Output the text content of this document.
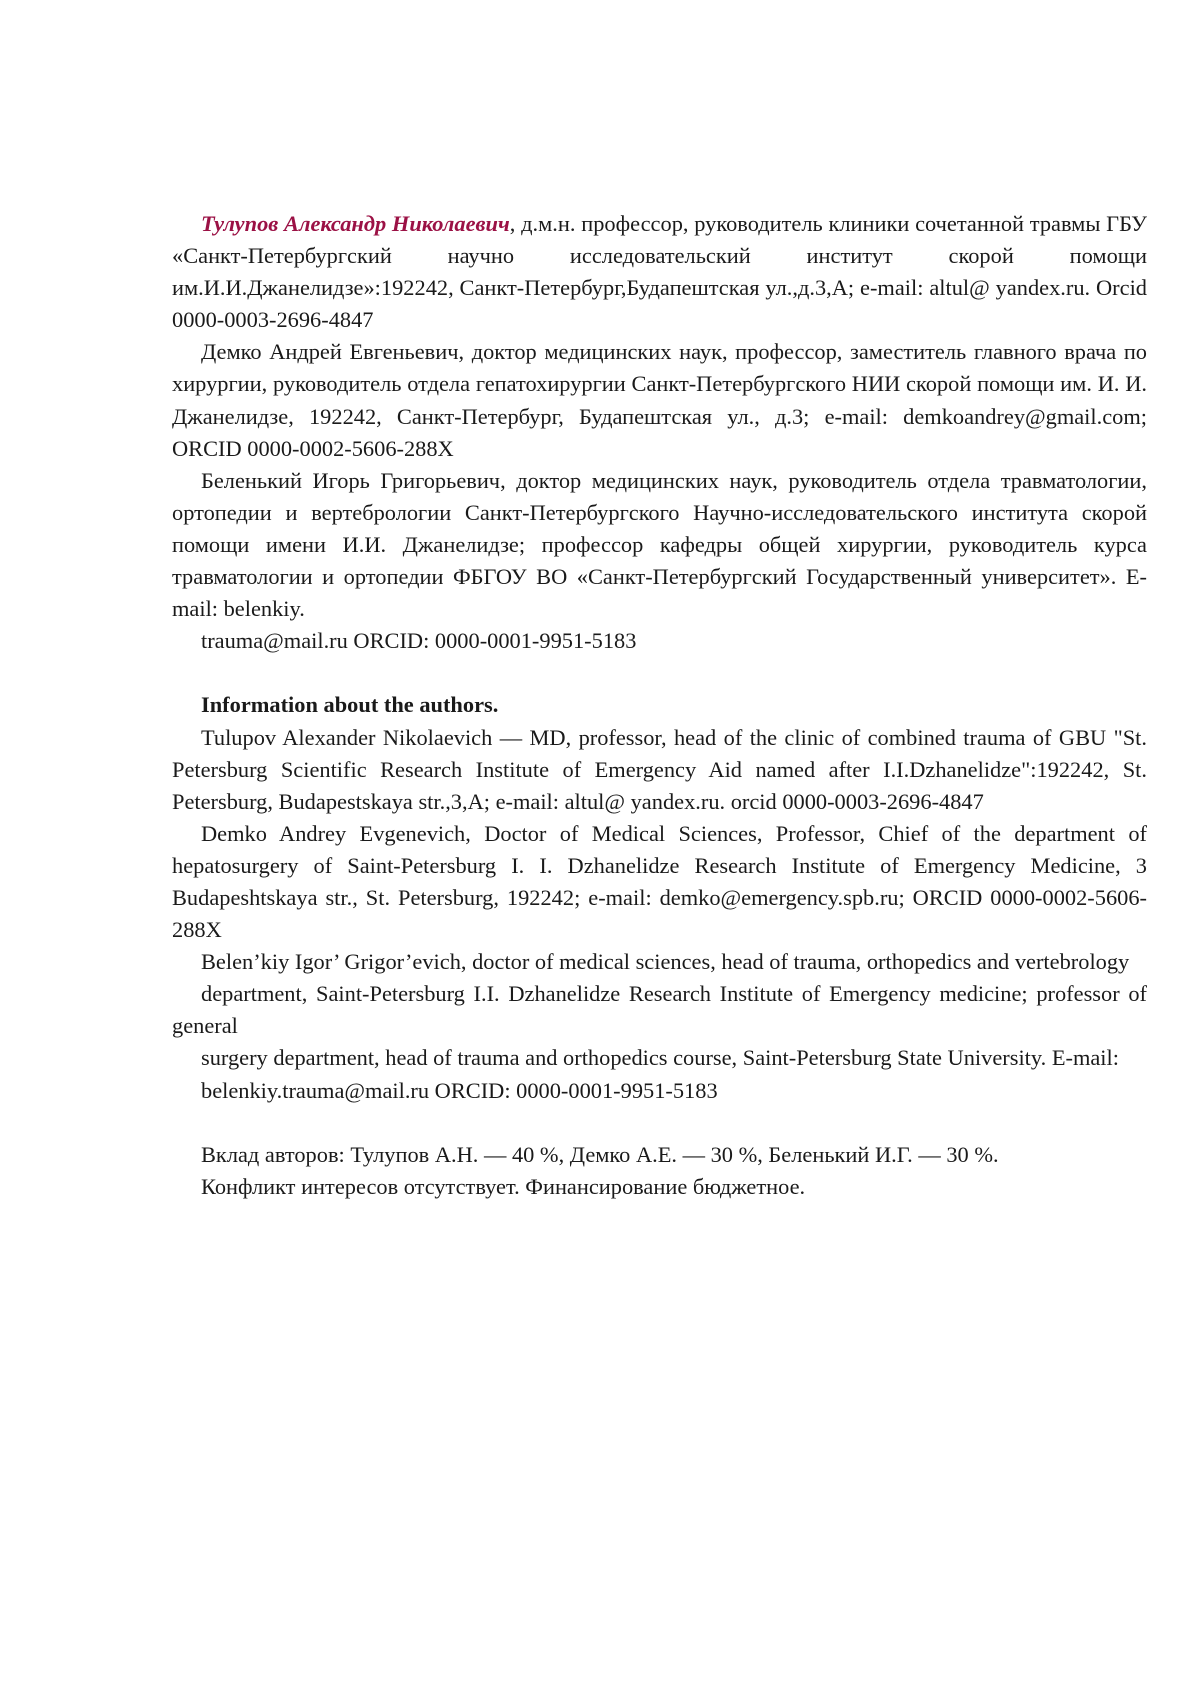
Тулупов Александр Николаевич, д.м.н. профессор, руководитель клиники сочетанной травмы ГБУ «Санкт-Петербургский научно исследовательский институт скорой помощи им.И.И.Джанелидзе»:192242, Санкт-Петербург,Будапештская ул.,д.3,А; e-mail: altul@ yandex.ru. Orcid 0000-0003-2696-4847

Демко Андрей Евгеньевич, доктор медицинских наук, профессор, заместитель главного врача по хирургии, руководитель отдела гепатохирургии Санкт-Петербургского НИИ скорой помощи им. И. И. Джанелидзе, 192242, Санкт-Петербург, Будапештская ул., д.3; e-mail: demkoandrey@gmail.com; ORCID 0000-0002-5606-288X

Беленький Игорь Григорьевич, доктор медицинских наук, руководитель отдела травматологии, ортопедии и вертебрологии Санкт-Петербургского Научно-исследовательского института скорой помощи имени И.И. Джанелидзе; профессор кафедры общей хирургии, руководитель курса травматологии и ортопедии ФБГОУ ВО «Санкт-Петербургский Государственный университет». E-mail: belenkiy.

trauma@mail.ru ORCID: 0000-0001-9951-5183

Information about the authors.

Tulupov Alexander Nikolaevich — MD, professor, head of the clinic of combined trauma of GBU "St. Petersburg Scientific Research Institute of Emergency Aid named after I.I.Dzhanelidze":192242, St. Petersburg, Budapestskaya str.,3,A; e-mail: altul@ yandex.ru. orcid 0000-0003-2696-4847

Demko Andrey Evgenevich, Doctor of Medical Sciences, Professor, Chief of the department of hepatosurgery of Saint-Petersburg I. I. Dzhanelidze Research Institute of Emergency Medicine, 3 Budapeshtskaya str., St. Petersburg, 192242; e-mail: demko@emergency.spb.ru; ORCID 0000-0002-5606-288X

Belen’kiy Igor’ Grigor’evich, doctor of medical sciences, head of trauma, orthopedics and vertebrology

department, Saint-Petersburg I.I. Dzhanelidze Research Institute of Emergency medicine; professor of general

surgery department, head of trauma and orthopedics course, Saint-Petersburg State University. E-mail:

belenkiy.trauma@mail.ru ORCID: 0000-0001-9951-5183

Вклад авторов: Тулупов А.Н. — 40 %, Демко А.Е. — 30 %, Беленький И.Г. — 30 %.

Конфликт интересов отсутствует. Финансирование бюджетное.
